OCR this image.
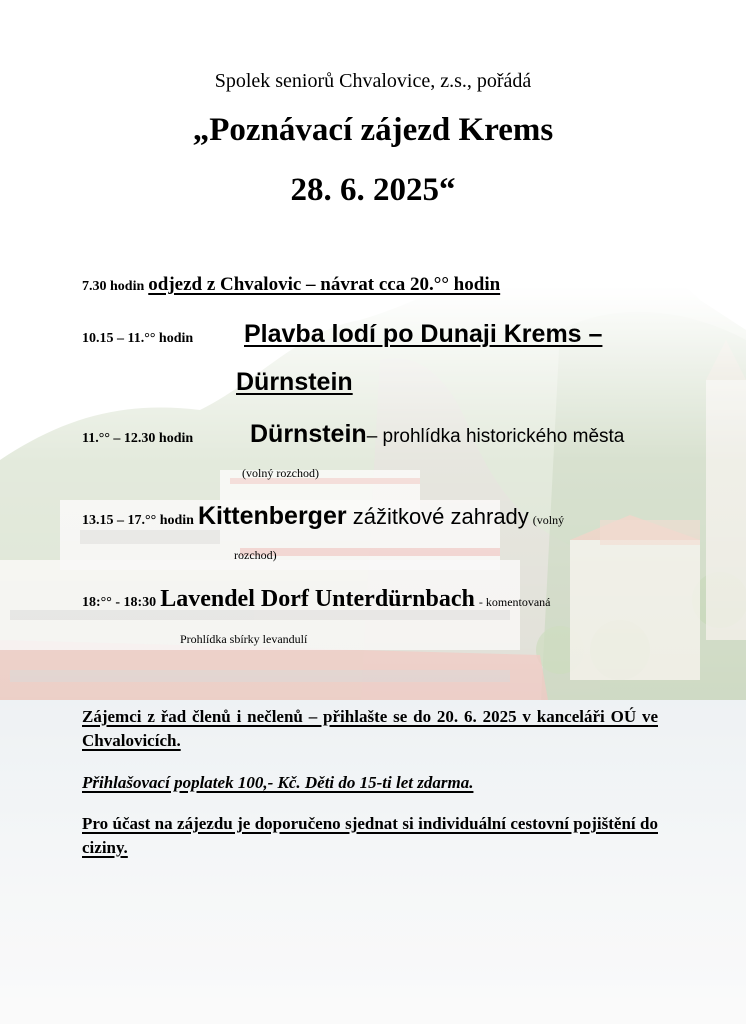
Spolek seniorů Chvalovice, z.s., pořádá
„Poznávací zájezd Krems
28. 6. 2025“
7.30 hodin odjezd z Chvalovic – návrat cca 20.°° hodin
10.15 – 11.°° hodin Plavba lodí po Dunaji Krems –
Dürnstein
11.°° – 12.30 hodin Dürnstein– prohlídka historického města
(volný rozchod)
13.15 – 17.°° hodin Kittenberger zážitkové zahrady (volný
rozchod)
18:°° - 18:30 Lavendel Dorf Unterdürnbach - komentovaná
Prohlídka sbírky levandulí
Zájemci z řad členů i nečlenů – přihlašte se do 20. 6. 2025 v kanceláři OÚ ve Chvalovicích.
Přihlašovací poplatek 100,- Kč. Děti do 15-ti let zdarma.
Pro účast na zájezdu je doporučeno sjednat si individuální cestovní pojištění do ciziny.
